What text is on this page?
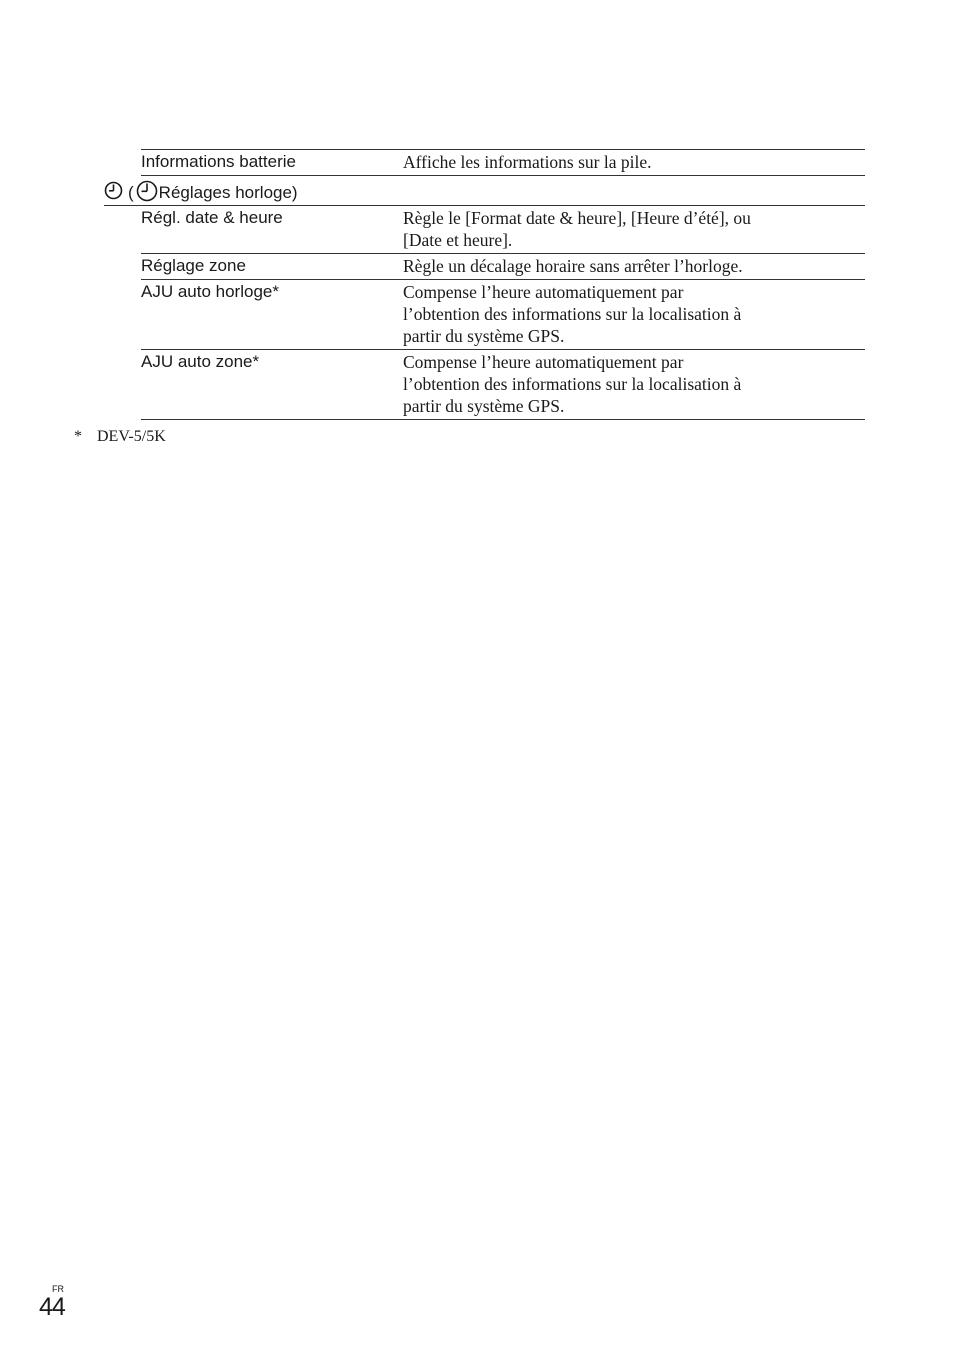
Informations batterie	Affiche les informations sur la pile.
( Réglages horloge)
Régl. date & heure	Règle le [Format date & heure], [Heure d’été], ou
[Date et heure].
Réglage zone	Règle un décalage horaire sans arrêter l’horloge.
AJU auto horloge*	Compense l’heure automatiquement par
l’obtention des informations sur la localisation à
partir du système GPS.
AJU auto zone*	Compense l’heure automatiquement par
l’obtention des informations sur la localisation à
partir du système GPS.
* DEV-5/5K
FR
44
